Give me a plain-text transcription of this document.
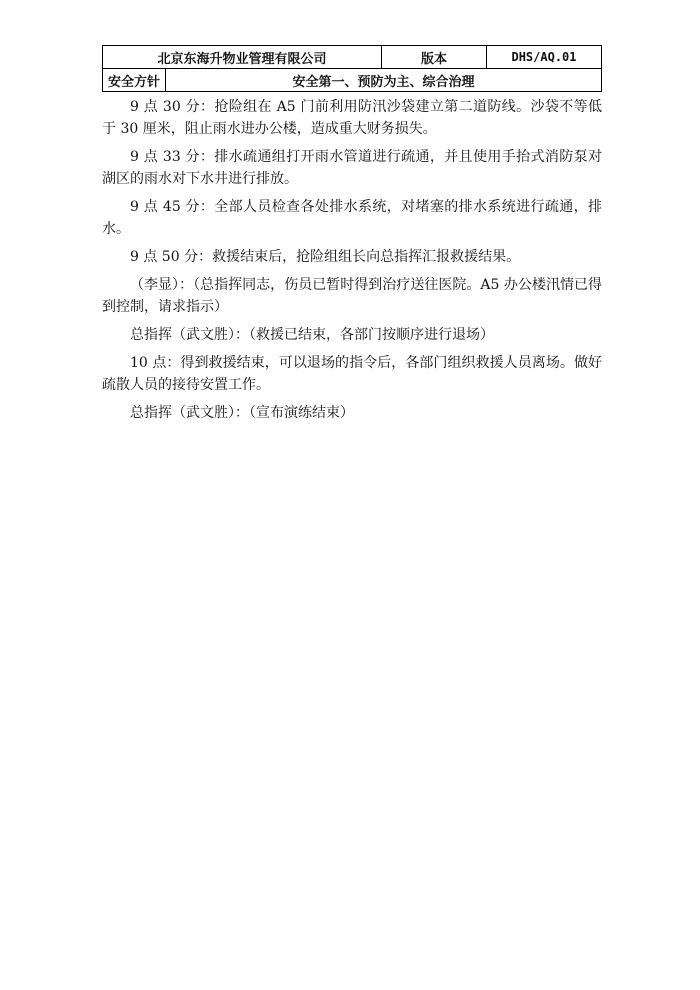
北京东海升物业管理有限公司		版本	DHS/AQ.01
安全方针	安全第一、预防为主、综合治理		

9 点 30 分：抢险组在 A5 门前利用防汛沙袋建立第二道防线。沙袋不等低于 30 厘米，阻止雨水进办公楼，造成重大财务损失。

9 点 33 分：排水疏通组打开雨水管道进行疏通，并且使用手抬式消防泵对湖区的雨水对下水井进行排放。

9 点 45 分：全部人员检查各处排水系统，对堵塞的排水系统进行疏通，排水。

9 点 50 分：救援结束后，抢险组组长向总指挥汇报救援结果。

（李显）：（总指挥同志，伤员已暂时得到治疗送往医院。A5 办公楼汛情已得到控制，请求指示）

总指挥（武文胜）：（救援已结束，各部门按顺序进行退场）

10 点：得到救援结束，可以退场的指令后，各部门组织救援人员离场。做好疏散人员的接待安置工作。

总指挥（武文胜）：（宣布演练结束）
